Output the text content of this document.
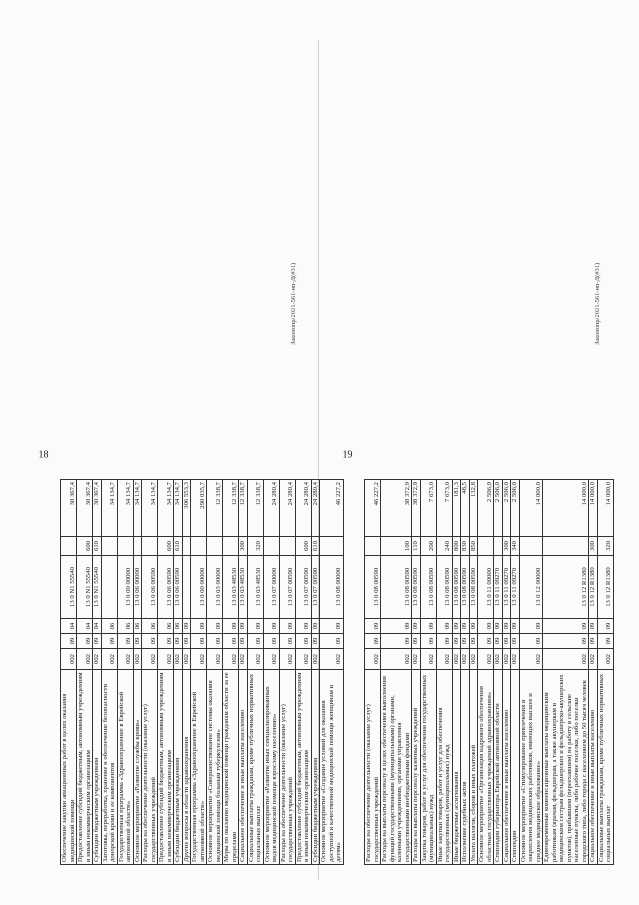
18
Законопр/2021-561-нп-Д(#31)
Обеспечение закупки авиационных работ в целях оказания медицинской помощи	002	09	04	13 0 N1 55540		30 367,4
Предоставление субсидий бюджетным, автономным учреждениям и иным некоммерческим организациям	002	09	04	13 0 N1 55540	600	30 367,4
Субсидии бюджетным учреждениям	002	09	04	13 0 N1 55540	610	30 367,4
Заготовка, переработка, хранение и обеспечение безопасности донорской крови и ее компонентов	002	09	06			34 134,7
Государственная программа «Здравоохранение в Еврейской автономной области»	002	09	06	13 0 00 00000		34 134,7
Основное мероприятие «Развитие службы крови»	002	09	06	13 0 06 00000		34 134,7
Расходы на обеспечение деятельности (оказание услуг) государственных учреждений	002	09	06	13 0 06 00590		34 134,7
Предоставление субсидий бюджетным, автономным учреждениям и иным некоммерческим организациям	002	09	06	13 0 06 00590	600	34 134,7
Субсидии бюджетным учреждениям	002	09	06	13 0 06 00590	610	34 134,7
Другие вопросы в области здравоохранения	002	09	09			306 553,3
Государственная программа «Здравоохранение в Еврейской автономной области»	002	09	09	13 0 00 00000		290 035,7
Основное мероприятие «Совершенствование системы оказания медицинской помощи больным туберкулезом»	002	09	09	13 0 03 00000		12 338,7
Меры по оказанию медицинской помощи гражданам области за ее пределами	002	09	09	13 0 03 48530		12 338,7
Социальное обеспечение и иные выплаты населению	002	09	09	13 0 03 48530	300	12 338,7
Социальные выплаты гражданам, кроме публичных нормативных социальных выплат	002	09	09	13 0 03 48530	320	12 338,7
Основное мероприятие «Развитие иных специализированных видов медицинской помощи взрослому населению»	002	09	09	13 0 07 00000		24 280,4
Расходы на обеспечение деятельности (оказание услуг) государственных учреждений	002	09	09	13 0 07 00590		24 280,4
Предоставление субсидий бюджетным, автономным учреждениям и иным некоммерческим организациям	002	09	09	13 0 07 00590	600	24 280,4
Субсидии бюджетным учреждениям	002	09	09	13 0 07 00590	610	24 280,4
Основное мероприятие «Создание условий для оказания доступной и качественной медицинской помощи женщинам и детям»	002	09	09	13 0 08 00000		46 227,2
19
Законопр/2021-561-нп-Д(#31)
Расходы на обеспечение деятельности (оказание услуг) государственных учреждений	002	09	09	13 0 08 00590		46 227,2
Расходы на выплаты персоналу в целях обеспечения выполнения функций государственными (муниципальными) органами, казенными учреждениями, органами управления государственными внебюджетными фондами	002	09	09	13 0 08 00590	100	38 372,9
Расходы на выплаты персоналу казенных учреждений	002	09	09	13 0 08 00590	110	38 372,9
Закупка товаров, работ и услуг для обеспечения государственных (муниципальных) нужд	002	09	09	13 0 08 00590	200	7 673,0
Иные закупки товаров, работ и услуг для обеспечения государственных (муниципальных) нужд	002	09	09	13 0 08 00590	240	7 673,0
Иные бюджетные ассигнования	002	09	09	13 0 08 00590	800	181,3
Исполнение судебных актов	002	09	09	13 0 08 00590	830	48,5
Уплата налогов, сборов и иных платежей	002	09	09	13 0 08 00590	850	132,8
Основное мероприятие «Организация кадрового обеспечения областных государственных учреждений здравоохранения»	002	09	09	13 0 11 00000		2 506,0
Стипендии губернатора Еврейской автономной области	002	09	09	13 0 11 09270		2 506,0
Социальное обеспечение и иные выплаты населению	002	09	09	13 0 11 09270	300	2 506,0
Стипендии	002	09	09	13 0 11 09270	340	2 506,0
Основное мероприятие «Стимулирование привлечения и закрепления медицинских работников, имеющих высшее и среднее медицинское образование»	002	09	09	13 0 12 00000		14 000,0
Единовременные компенсационные выплаты медицинским работникам (врачам, фельдшерам, а также акушеркам и медицинским сестрам фельдшерских и фельдшерско-акушерских пунктов), прибывшим (переехавшим) на работу в сельские населенные пункты, либо рабочие поселки, либо поселки городского типа, либо города с населением до 50 тысяч человек	002	09	09	13 0 12 R1380		14 000,0
Социальное обеспечение и иные выплаты населению	002	09	09	13 0 12 R1380	300	14 000,0
Социальные выплаты гражданам, кроме публичных нормативных социальных выплат	002	09	09	13 0 12 R1380	320	14 000,0
